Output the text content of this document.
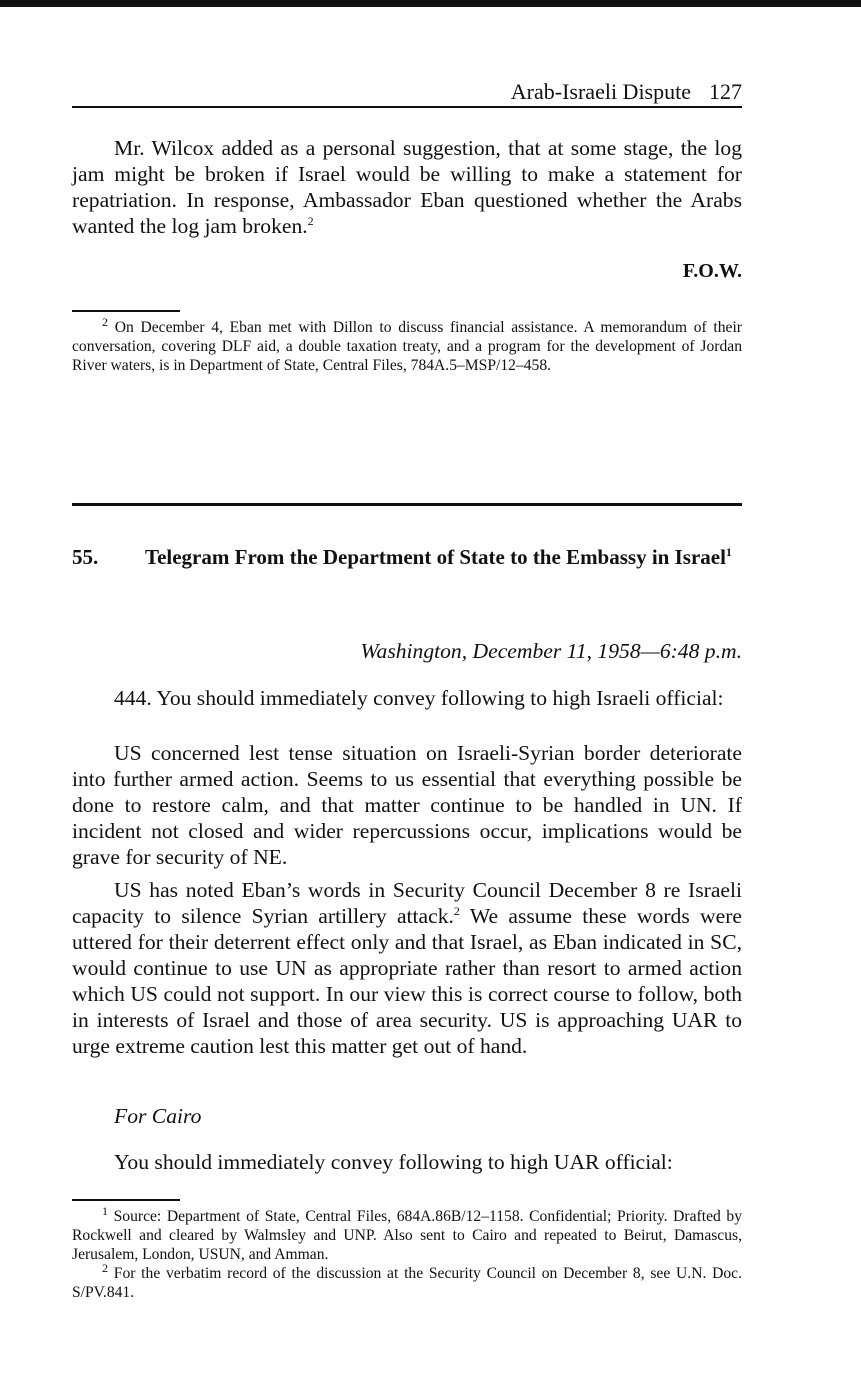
Arab-Israeli Dispute 127

Mr. Wilcox added as a personal suggestion, that at some stage, the log jam might be broken if Israel would be willing to make a statement for repatriation. In response, Ambassador Eban questioned whether the Arabs wanted the log jam broken.$^2$

F.O.W.

$^2$ On December 4, Eban met with Dillon to discuss financial assistance. A memorandum of their conversation, covering DLF aid, a double taxation treaty, and a program for the development of Jordan River waters, is in Department of State, Central Files, 784A.5–MSP/12–458.

55. Telegram From the Department of State to the Embassy in Israel$^1$

Washington, December 11, 1958—6:48 p.m.

444. You should immediately convey following to high Israeli official:

US concerned lest tense situation on Israeli-Syrian border deteriorate into further armed action. Seems to us essential that everything possible be done to restore calm, and that matter continue to be handled in UN. If incident not closed and wider repercussions occur, implications would be grave for security of NE.

US has noted Eban’s words in Security Council December 8 re Israeli capacity to silence Syrian artillery attack.$^2$ We assume these words were uttered for their deterrent effect only and that Israel, as Eban indicated in SC, would continue to use UN as appropriate rather than resort to armed action which US could not support. In our view this is correct course to follow, both in interests of Israel and those of area security. US is approaching UAR to urge extreme caution lest this matter get out of hand.

For Cairo

You should immediately convey following to high UAR official:

$^1$ Source: Department of State, Central Files, 684A.86B/12–1158. Confidential; Priority. Drafted by Rockwell and cleared by Walmsley and UNP. Also sent to Cairo and repeated to Beirut, Damascus, Jerusalem, London, USUN, and Amman.

$^2$ For the verbatim record of the discussion at the Security Council on December 8, see U.N. Doc. S/PV.841.
